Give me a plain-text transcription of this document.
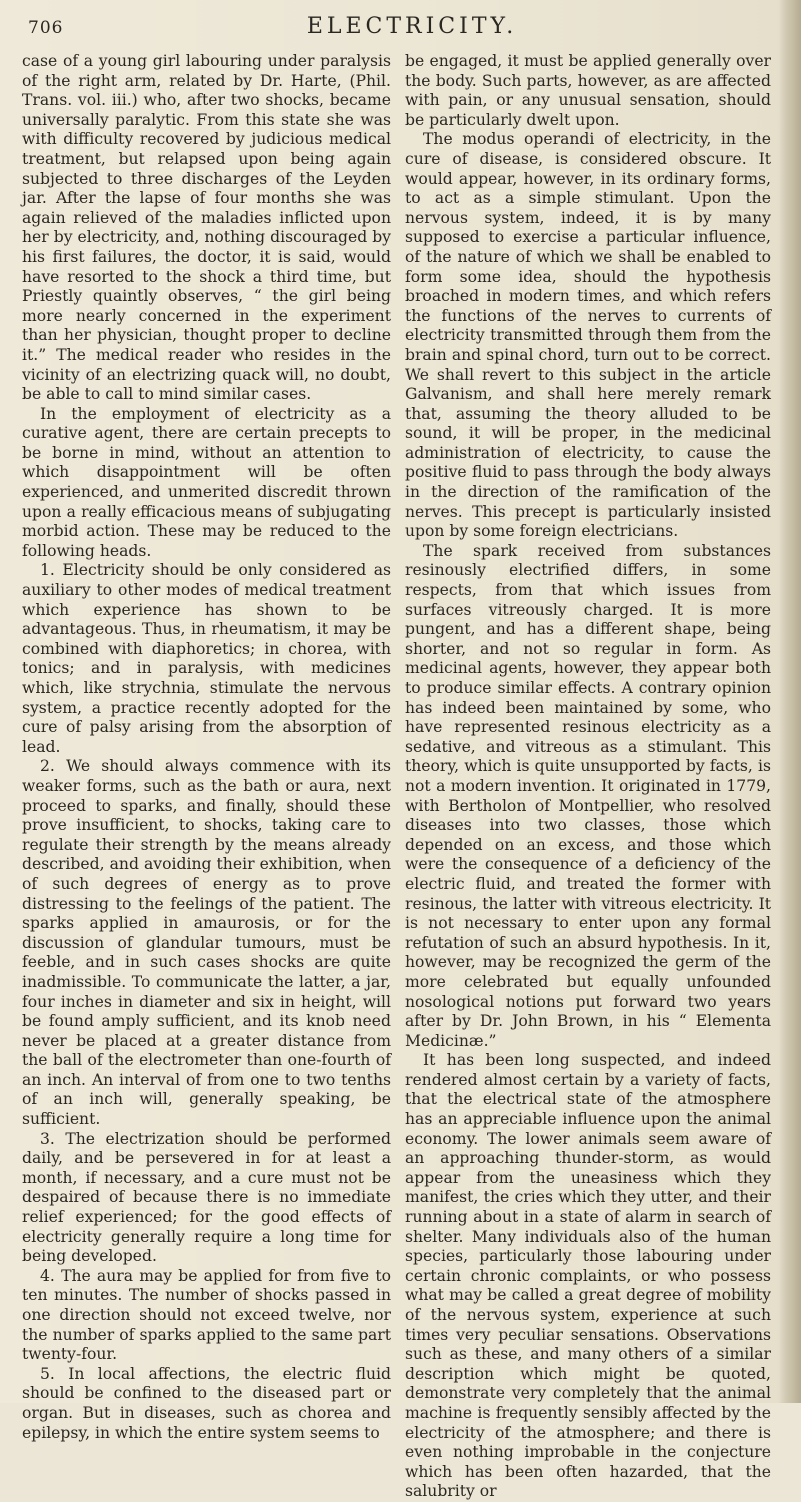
706	ELECTRICITY.

case of a young girl labouring under paralysis of the right arm, related by Dr. Harte, (Phil. Trans. vol. iii.) who, after two shocks, became universally paralytic. From this state she was with difficulty recovered by judicious medical treatment, but relapsed upon being again subjected to three discharges of the Leyden jar. After the lapse of four months she was again relieved of the maladies inflicted upon her by electricity, and, nothing discouraged by his first failures, the doctor, it is said, would have resorted to the shock a third time, but Priestly quaintly observes, “ the girl being more nearly concerned in the experiment than her physician, thought proper to decline it.” The medical reader who resides in the vicinity of an electrizing quack will, no doubt, be able to call to mind similar cases.

In the employment of electricity as a curative agent, there are certain precepts to be borne in mind, without an attention to which disappointment will be often experienced, and unmerited discredit thrown upon a really efficacious means of subjugating morbid action. These may be reduced to the following heads.

1. Electricity should be only considered as auxiliary to other modes of medical treatment which experience has shown to be advantageous. Thus, in rheumatism, it may be combined with diaphoretics; in chorea, with tonics; and in paralysis, with medicines which, like strychnia, stimulate the nervous system, a practice recently adopted for the cure of palsy arising from the absorption of lead.

2. We should always commence with its weaker forms, such as the bath or aura, next proceed to sparks, and finally, should these prove insufficient, to shocks, taking care to regulate their strength by the means already described, and avoiding their exhibition, when of such degrees of energy as to prove distressing to the feelings of the patient. The sparks applied in amaurosis, or for the discussion of glandular tumours, must be feeble, and in such cases shocks are quite inadmissible. To communicate the latter, a jar, four inches in diameter and six in height, will be found amply sufficient, and its knob need never be placed at a greater distance from the ball of the electrometer than one-fourth of an inch. An interval of from one to two tenths of an inch will, generally speaking, be sufficient.

3. The electrization should be performed daily, and be persevered in for at least a month, if necessary, and a cure must not be despaired of because there is no immediate relief experienced; for the good effects of electricity generally require a long time for being developed.

4. The aura may be applied for from five to ten minutes. The number of shocks passed in one direction should not exceed twelve, nor the number of sparks applied to the same part twenty-four.

5. In local affections, the electric fluid should be confined to the diseased part or organ. But in diseases, such as chorea and epilepsy, in which the entire system seems to

be engaged, it must be applied generally over the body. Such parts, however, as are affected with pain, or any unusual sensation, should be particularly dwelt upon.

The modus operandi of electricity, in the cure of disease, is considered obscure. It would appear, however, in its ordinary forms, to act as a simple stimulant. Upon the nervous system, indeed, it is by many supposed to exercise a particular influence, of the nature of which we shall be enabled to form some idea, should the hypothesis broached in modern times, and which refers the functions of the nerves to currents of electricity transmitted through them from the brain and spinal chord, turn out to be correct. We shall revert to this subject in the article Galvanism, and shall here merely remark that, assuming the theory alluded to be sound, it will be proper, in the medicinal administration of electricity, to cause the positive fluid to pass through the body always in the direction of the ramification of the nerves. This precept is particularly insisted upon by some foreign electricians.

The spark received from substances resinously electrified differs, in some respects, from that which issues from surfaces vitreously charged. It is more pungent, and has a different shape, being shorter, and not so regular in form. As medicinal agents, however, they appear both to produce similar effects. A contrary opinion has indeed been maintained by some, who have represented resinous electricity as a sedative, and vitreous as a stimulant. This theory, which is quite unsupported by facts, is not a modern invention. It originated in 1779, with Bertholon of Montpellier, who resolved diseases into two classes, those which depended on an excess, and those which were the consequence of a deficiency of the electric fluid, and treated the former with resinous, the latter with vitreous electricity. It is not necessary to enter upon any formal refutation of such an absurd hypothesis. In it, however, may be recognized the germ of the more celebrated but equally unfounded nosological notions put forward two years after by Dr. John Brown, in his “ Elementa Medicinæ.”

It has been long suspected, and indeed rendered almost certain by a variety of facts, that the electrical state of the atmosphere has an appreciable influence upon the animal economy. The lower animals seem aware of an approaching thunder-storm, as would appear from the uneasiness which they manifest, the cries which they utter, and their running about in a state of alarm in search of shelter. Many individuals also of the human species, particularly those labouring under certain chronic complaints, or who possess what may be called a great degree of mobility of the nervous system, experience at such times very peculiar sensations. Observations such as these, and many others of a similar description which might be quoted, demonstrate very completely that the animal machine is frequently sensibly affected by the electricity of the atmosphere; and there is even nothing improbable in the conjecture which has been often hazarded, that the salubrity or
